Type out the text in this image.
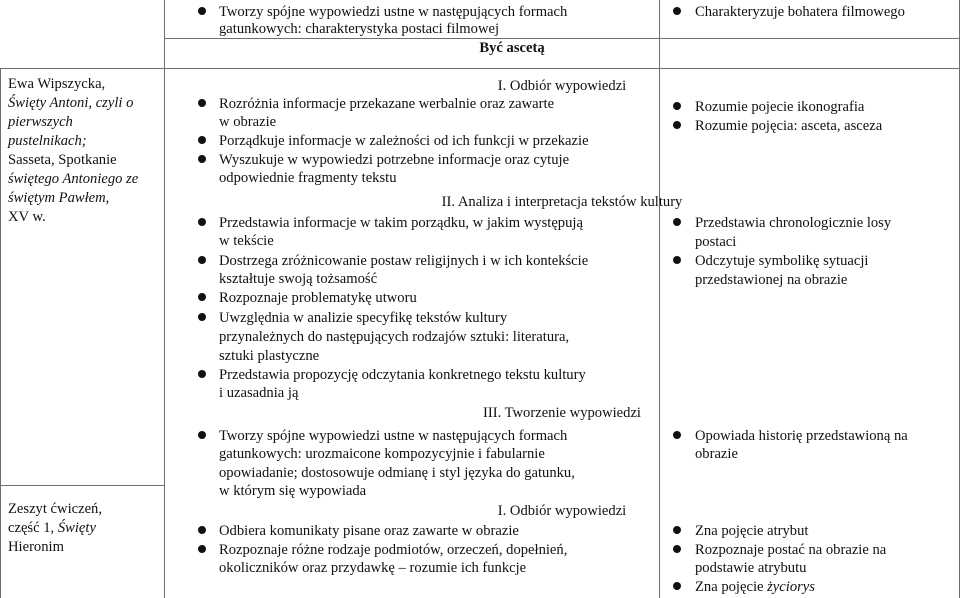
Tworzy spójne wypowiedzi ustne w następujących formach
gatunkowych: charakterystyka postaci filmowej
Charakteryzuje bohatera filmowego
Być ascetą
Ewa Wipszycka,
Święty Antoni, czyli o
pierwszych
pustelnikach;
Sasseta, Spotkanie
świętego Antoniego ze
świętym Pawłem,
XV w.
Zeszyt ćwiczeń,
część 1, Święty
Hieronim
I. Odbiór wypowiedzi
Rozróżnia informacje przekazane werbalnie oraz zawarte
w obrazie
Porządkuje informacje w zależności od ich funkcji w przekazie
Wyszukuje w wypowiedzi potrzebne informacje oraz cytuje
odpowiednie fragmenty tekstu
Rozumie pojecie ikonografia
Rozumie pojęcia: asceta, asceza
II. Analiza i interpretacja tekstów kultury
Przedstawia informacje w takim porządku, w jakim występują
w tekście
Dostrzega zróżnicowanie postaw religijnych i w ich kontekście
kształtuje swoją tożsamość
Rozpoznaje problematykę utworu
Uwzględnia w analizie specyfikę tekstów kultury
przynależnych do następujących rodzajów sztuki: literatura,
sztuki plastyczne
Przedstawia propozycję odczytania konkretnego tekstu kultury
i uzasadnia ją
Przedstawia chronologicznie losy
postaci
Odczytuje symbolikę sytuacji
przedstawionej na obrazie
III. Tworzenie wypowiedzi
Tworzy spójne wypowiedzi ustne w następujących formach
gatunkowych: urozmaicone kompozycyjnie i fabularnie
opowiadanie; dostosowuje odmianę i styl języka do gatunku,
w którym się wypowiada
Opowiada historię przedstawioną na
obrazie
I. Odbiór wypowiedzi
Odbiera komunikaty pisane oraz zawarte w obrazie
Rozpoznaje różne rodzaje podmiotów, orzeczeń, dopełnień,
okoliczników oraz przydawkę – rozumie ich funkcje
Zna pojęcie atrybut
Rozpoznaje postać na obrazie na
podstawie atrybutu
Zna pojęcie życiorys
